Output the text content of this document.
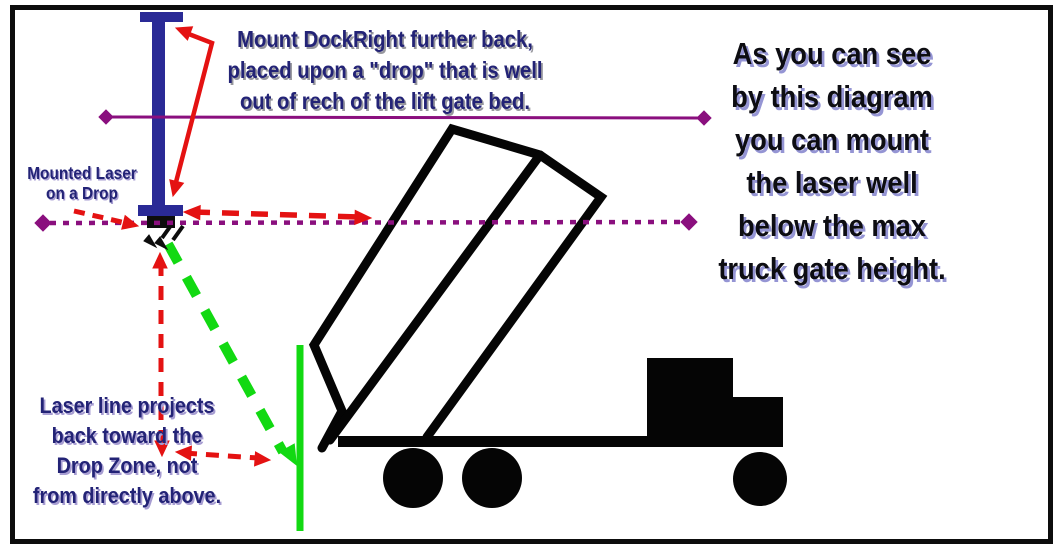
Mount DockRight further back,
placed upon a "drop" that is well
out of rech of the lift gate bed.
As you can see
by this diagram
you can mount
the laser well
below the max
truck gate height.
Mounted Laser
on a Drop
Laser line projects
back toward the
Drop Zone, not
from directly above.
